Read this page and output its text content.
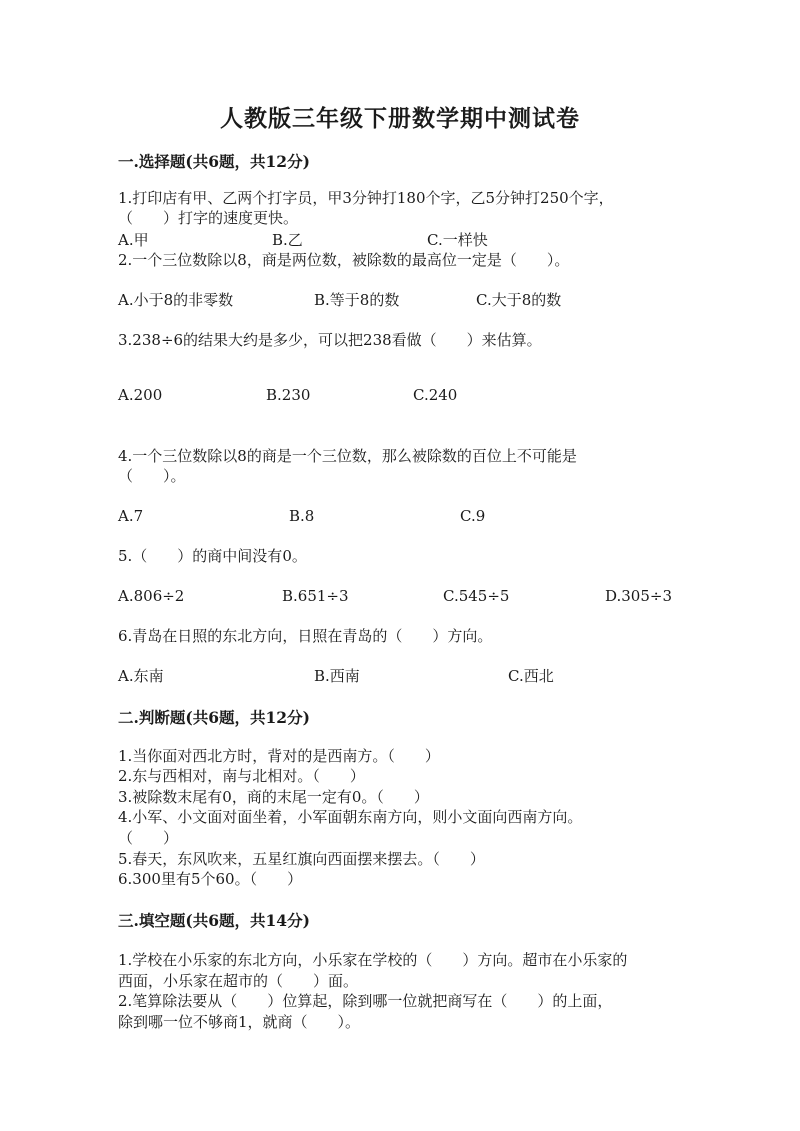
人教版三年级下册数学期中测试卷
一.选择题(共6题，共12分)
1.打印店有甲、乙两个打字员，甲3分钟打180个字，乙5分钟打250个字，
（　　）打字的速度更快。
A.甲	B.乙	C.一样快
2.一个三位数除以8，商是两位数，被除数的最高位一定是（　　）。
A.小于8的非零数	B.等于8的数	C.大于8的数
3.238÷6的结果大约是多少，可以把238看做（　　）来估算。
A.200	B.230	C.240
4.一个三位数除以8的商是一个三位数，那么被除数的百位上不可能是
（　　）。
A.7	B.8	C.9
5.（　　）的商中间没有0。
A.806÷2	B.651÷3	C.545÷5	D.305÷3
6.青岛在日照的东北方向，日照在青岛的（　　）方向。
A.东南	B.西南	C.西北
二.判断题(共6题，共12分)
1.当你面对西北方时，背对的是西南方。（　　）
2.东与西相对，南与北相对。（　　）
3.被除数末尾有0，商的末尾一定有0。（　　）
4.小军、小文面对面坐着，小军面朝东南方向，则小文面向西南方向。
（　　）
5.春天，东风吹来，五星红旗向西面摆来摆去。（　　）
6.300里有5个60。（　　）
三.填空题(共6题，共14分)
1.学校在小乐家的东北方向，小乐家在学校的（　　）方向。超市在小乐家的
西面，小乐家在超市的（　　）面。
2.笔算除法要从（　　）位算起，除到哪一位就把商写在（　　）的上面，
除到哪一位不够商1，就商（　　）。
